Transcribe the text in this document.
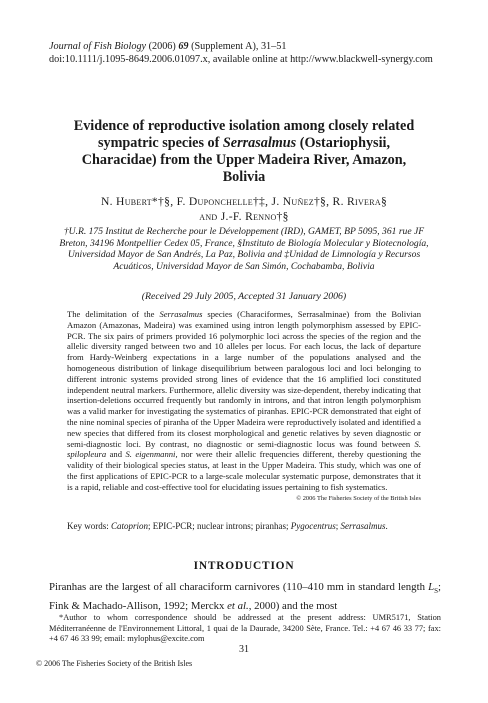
Journal of Fish Biology (2006) 69 (Supplement A), 31–51
doi:10.1111/j.1095-8649.2006.01097.x, available online at http://www.blackwell-synergy.com
Evidence of reproductive isolation among closely related sympatric species of Serrasalmus (Ostariophysii, Characidae) from the Upper Madeira River, Amazon, Bolivia
N. Hubert*†§, F. Duponchelle†‡, J. Nuñez†§, R. Rivera§
and J.-F. Renno†§
†U.R. 175 Institut de Recherche pour le Développement (IRD), GAMET, BP 5095, 361 rue JF Breton, 34196 Montpellier Cedex 05, France, §Instituto de Biología Molecular y Biotecnología, Universidad Mayor de San Andrés, La Paz, Bolivia and ‡Unidad de Limnología y Recursos Acuáticos, Universidad Mayor de San Simón, Cochabamba, Bolivia
(Received 29 July 2005, Accepted 31 January 2006)
The delimitation of the Serrasalmus species (Characiformes, Serrasalminae) from the Bolivian Amazon (Amazonas, Madeira) was examined using intron length polymorphism assessed by EPIC-PCR. The six pairs of primers provided 16 polymorphic loci across the species of the region and the allelic diversity ranged between two and 10 alleles per locus. For each locus, the lack of departure from Hardy-Weinberg expectations in a large number of the populations analysed and the homogeneous distribution of linkage disequilibrium between paralogous loci and loci belonging to different intronic systems provided strong lines of evidence that the 16 amplified loci constituted independent neutral markers. Furthermore, allelic diversity was size-dependent, thereby indicating that insertion-deletions occurred frequently but randomly in introns, and that intron length polymorphism was a valid marker for investigating the systematics of piranhas. EPIC-PCR demonstrated that eight of the nine nominal species of piranha of the Upper Madeira were reproductively isolated and identified a new species that differed from its closest morphological and genetic relatives by seven diagnostic or semi-diagnostic loci. By contrast, no diagnostic or semi-diagnostic locus was found between S. spilopleura and S. eigenmanni, nor were their allelic frequencies different, thereby questioning the validity of their biological species status, at least in the Upper Madeira. This study, which was one of the first applications of EPIC-PCR to a large-scale molecular systematic purpose, demonstrates that it is a rapid, reliable and cost-effective tool for elucidating issues pertaining to fish systematics.
© 2006 The Fisheries Society of the British Isles
Key words: Catoprion; EPIC-PCR; nuclear introns; piranhas; Pygocentrus; Serrasalmus.
INTRODUCTION
Piranhas are the largest of all characiform carnivores (110–410 mm in standard length $L_S$; Fink & Machado-Allison, 1992; Merckx et al., 2000) and the most
*Author to whom correspondence should be addressed at the present address: UMR5171, Station Méditerranéenne de l'Environnement Littoral, 1 quai de la Daurade, 34200 Sète, France. Tel.: +4 67 46 33 77; fax: +4 67 46 33 99; email: mylophus@excite.com
31
© 2006 The Fisheries Society of the British Isles
